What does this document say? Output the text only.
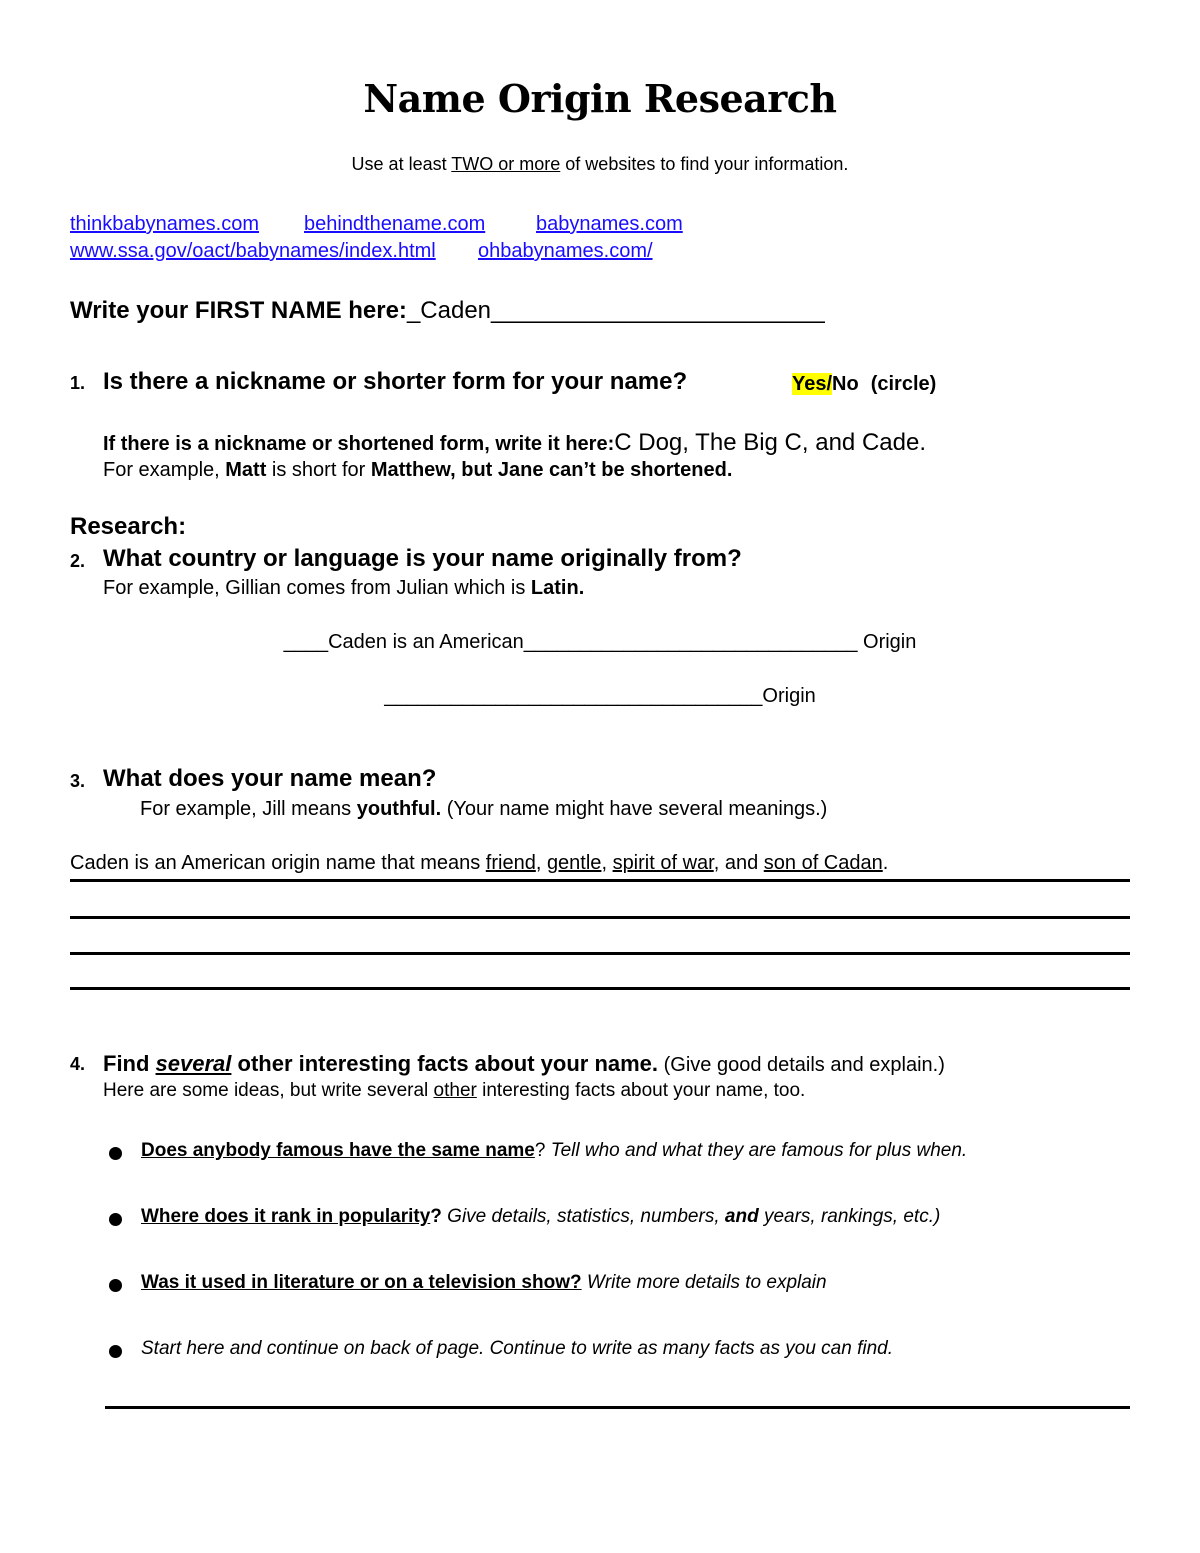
Name Origin Research
Use at least TWO or more of websites to find your information.
thinkbabynames.com behindthename.com	babynames.com
www.ssa.gov/oact/babynames/index.html ohbabynames.com/
Write your FIRST NAME here:_Caden_________________________
1. Is there a nickname or shorter form for your name?	Yes/No (circle)
If there is a nickname or shortened form, write it here:C Dog, The Big C, and Cade.
For example, Matt is short for Matthew, but Jane can’t be shortened.
Research:
2. What country or language is your name originally from?
For example, Gillian comes from Julian which is Latin.
____Caden is an American______________________________ Origin
__________________________________Origin
3. What does your name mean?
For example, Jill means youthful. (Your name might have several meanings.)
Caden is an American origin name that means friend, gentle, spirit of war, and son of Cadan.
4. Find several other interesting facts about your name. (Give good details and explain.)
Here are some ideas, but write several other interesting facts about your name, too.
Does anybody famous have the same name? Tell who and what they are famous for plus when.
Where does it rank in popularity? Give details, statistics, numbers, and years, rankings, etc.)
Was it used in literature or on a television show? Write more details to explain
Start here and continue on back of page. Continue to write as many facts as you can find.
